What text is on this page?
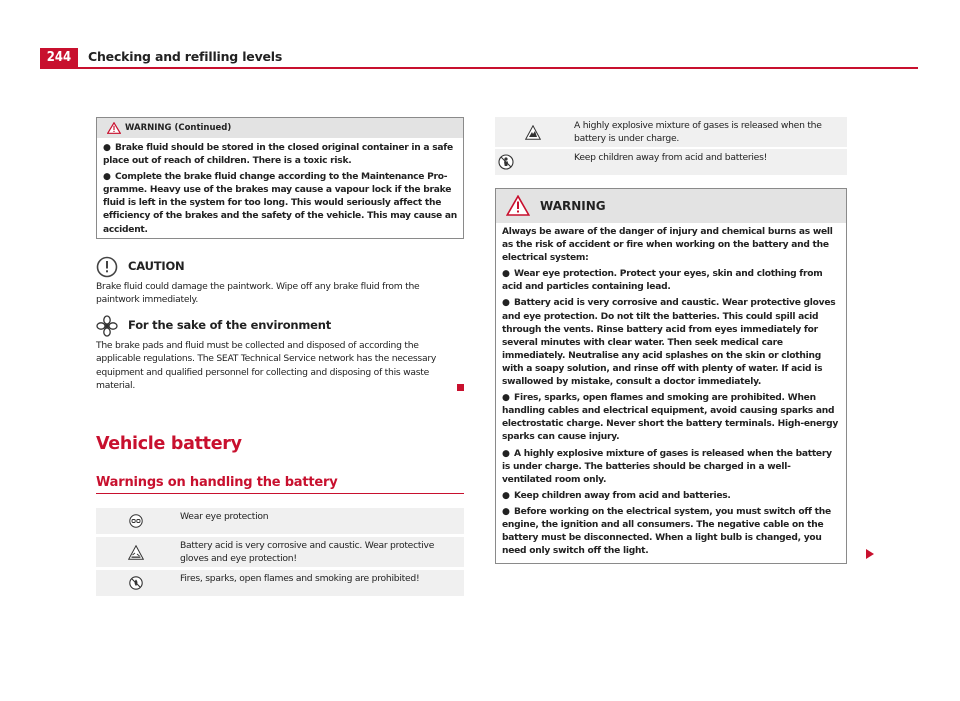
244	Checking and refilling levels
WARNING (Continued)

● Brake fluid should be stored in the closed original container in a safe place out of reach of children. There is a toxic risk.

● Complete the brake fluid change according to the Maintenance Programme. Heavy use of the brakes may cause a vapour lock if the brake fluid is left in the system for too long. This would seriously affect the efficiency of the brakes and the safety of the vehicle. This may cause an accident.

CAUTION
Brake fluid could damage the paintwork. Wipe off any brake fluid from the paintwork immediately.
For the sake of the environment
The brake pads and fluid must be collected and disposed of according the applicable regulations. The SEAT Technical Service network has the necessary equipment and qualified personnel for collecting and disposing of this waste material.
Vehicle battery
Warnings on handling the battery
Wear eye protection
Battery acid is very corrosive and caustic. Wear protective gloves and eye protection!
Fires, sparks, open flames and smoking are prohibited!
A highly explosive mixture of gases is released when the battery is under charge.
Keep children away from acid and batteries!
WARNING

Always be aware of the danger of injury and chemical burns as well as the risk of accident or fire when working on the battery and the electrical system:

● Wear eye protection. Protect your eyes, skin and clothing from acid and particles containing lead.

● Battery acid is very corrosive and caustic. Wear protective gloves and eye protection. Do not tilt the batteries. This could spill acid through the vents. Rinse battery acid from eyes immediately for several minutes with clear water. Then seek medical care immediately. Neutralise any acid splashes on the skin or clothing with a soapy solution, and rinse off with plenty of water. If acid is swallowed by mistake, consult a doctor immediately.

● Fires, sparks, open flames and smoking are prohibited. When handling cables and electrical equipment, avoid causing sparks and electrostatic charge. Never short the battery terminals. High-energy sparks can cause injury.

● A highly explosive mixture of gases is released when the battery is under charge. The batteries should be charged in a well-ventilated room only.

● Keep children away from acid and batteries.

● Before working on the electrical system, you must switch off the engine, the ignition and all consumers. The negative cable on the battery must be disconnected. When a light bulb is changed, you need only switch off the light.
